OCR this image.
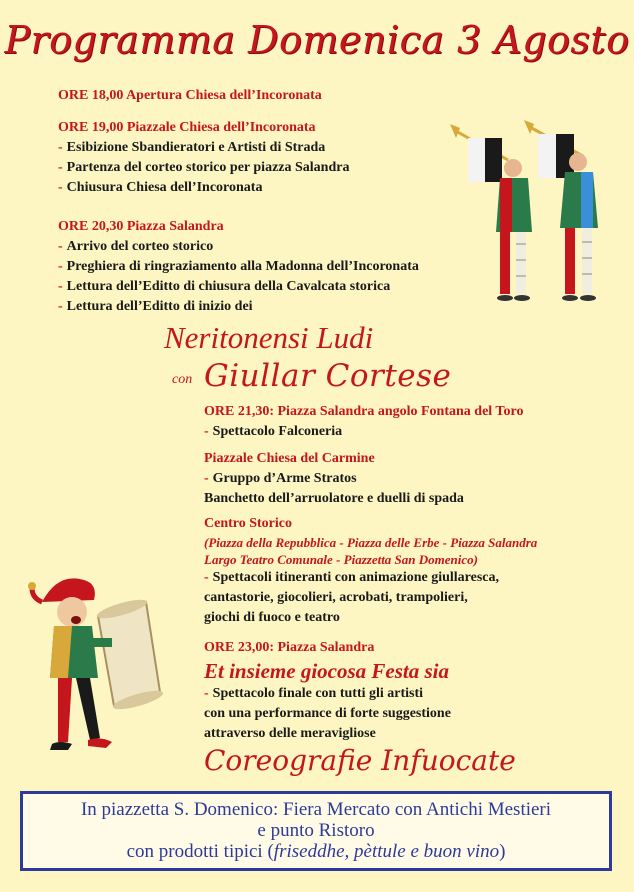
Programma Domenica 3 Agosto
ORE 18,00 Apertura Chiesa dell’Incoronata
ORE 19,00 Piazzale Chiesa dell’Incoronata
- Esibizione Sbandieratori e Artisti di Strada
- Partenza del corteo storico per piazza Salandra
- Chiusura Chiesa dell’Incoronata
ORE 20,30 Piazza Salandra
- Arrivo del corteo storico
- Preghiera di ringraziamento alla Madonna dell’Incoronata
- Lettura dell’Editto di chiusura della Cavalcata storica
- Lettura dell’Editto di inizio dei
Neritonensi Ludi
con Giullar Cortese
ORE 21,30: Piazza Salandra angolo Fontana del Toro
- Spettacolo Falconeria
Piazzale Chiesa del Carmine
- Gruppo d’Arme Stratos
Banchetto dell’arruolatore e duelli di spada
Centro Storico
(Piazza della Repubblica - Piazza delle Erbe - Piazza Salandra
Largo Teatro Comunale - Piazzetta San Domenico)
- Spettacoli itineranti con animazione giullaresca,
cantastorie, giocolieri, acrobati, trampolieri,
giochi di fuoco e teatro
ORE 23,00: Piazza Salandra
Et insieme giocosa Festa sia
- Spettacolo finale con tutti gli artisti
con una performance di forte suggestione
attraverso delle meravigliose
Coreografie Infuocate
In piazzetta S. Domenico: Fiera Mercato con Antichi Mestieri
e punto Ristoro
con prodotti tipici (friseddhe, pèttule e buon vino)
